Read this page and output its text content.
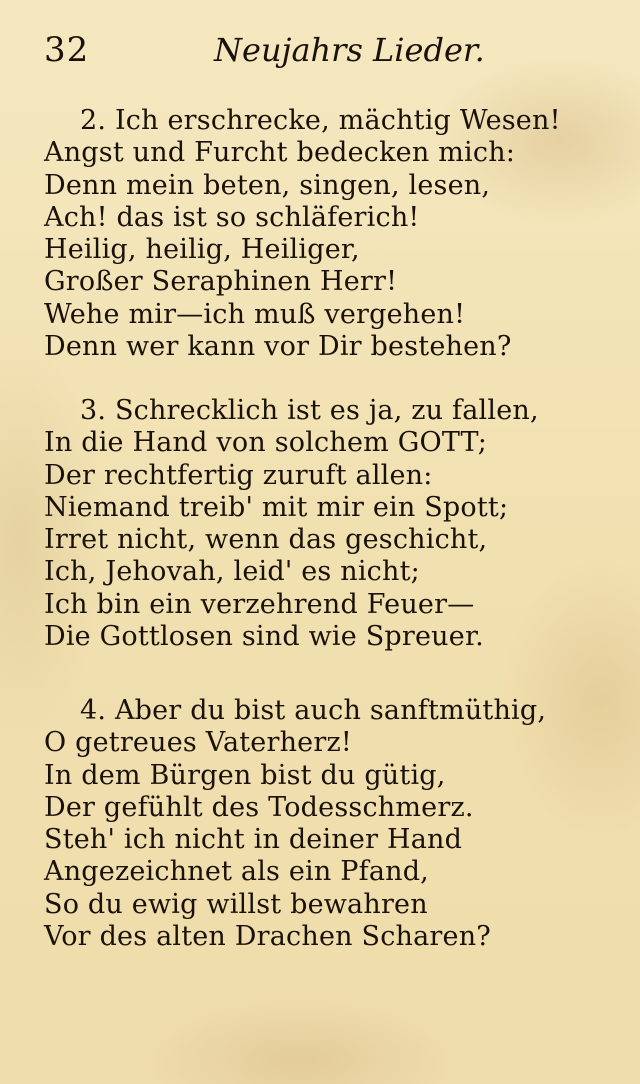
32	Neujahrs Lieder.
2. Ich erschrecke, mächtig Wesen!
Angst und Furcht bedecken mich:
Denn mein beten, singen, lesen,
Ach! das ist so schläferich!
Heilig, heilig, Heiliger,
Großer Seraphinen Herr!
Wehe mir—ich muß vergehen!
Denn wer kann vor Dir bestehen?
3. Schrecklich ist es ja, zu fallen,
In die Hand von solchem GOTT;
Der rechtfertig zuruft allen:
Niemand treib' mit mir ein Spott;
Irret nicht, wenn das geschicht,
Ich, Jehovah, leid' es nicht;
Ich bin ein verzehrend Feuer—
Die Gottlosen sind wie Spreuer.
4. Aber du bist auch sanftmüthig,
O getreues Vaterherz!
In dem Bürgen bist du gütig,
Der gefühlt des Todesschmerz.
Steh' ich nicht in deiner Hand
Angezeichnet als ein Pfand,
So du ewig willst bewahren
Vor des alten Drachen Scharen?
